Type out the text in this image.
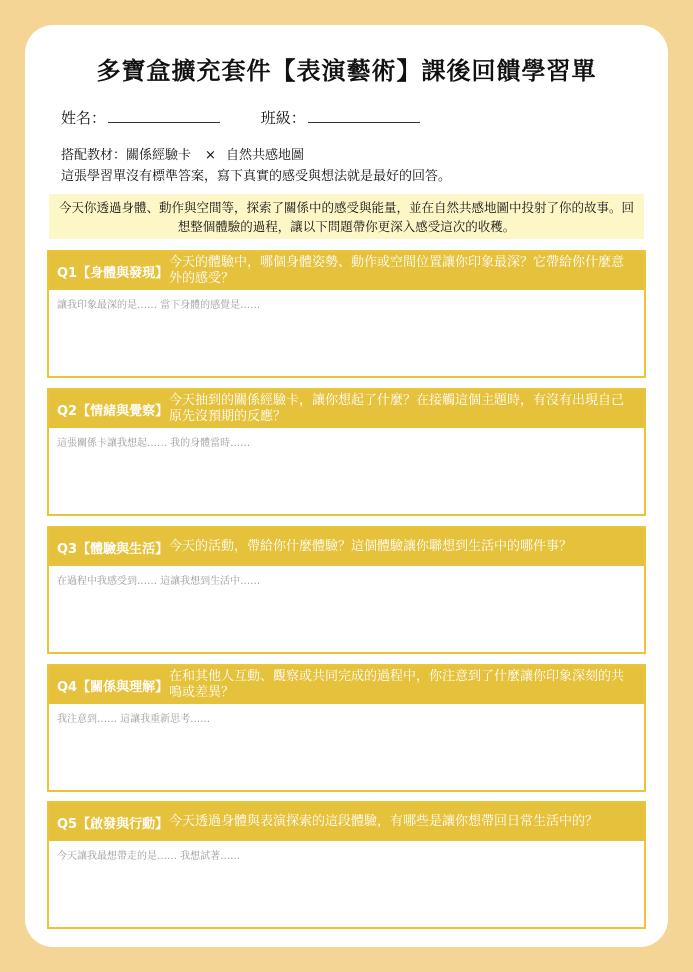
多寶盒擴充套件【表演藝術】課後回饋學習單
姓名：	班級：
搭配教材：關係經驗卡 × 自然共感地圖
這張學習單沒有標準答案，寫下真實的感受與想法就是最好的回答。
今天你透過身體、動作與空間等，探索了關係中的感受與能量，並在自然共感地圖中投射了你的故事。回想整個體驗的過程，讓以下問題帶你更深入感受這次的收穫。
Q1【身體與發現】
今天的體驗中，哪個身體姿勢、動作或空間位置讓你印象最深？它帶給你什麼意外的感受？
讓我印象最深的是…… 當下身體的感覺是……
Q2【情緒與覺察】
今天抽到的關係經驗卡，讓你想起了什麼？在接觸這個主題時，有沒有出現自己原先沒預期的反應？
這張關係卡讓我想起…… 我的身體當時……
Q3【體驗與生活】 今天的活動，帶給你什麼體驗？這個體驗讓你聯想到生活中的哪件事？
在過程中我感受到…… 這讓我想到生活中……
Q4【關係與理解】
在和其他人互動、觀察或共同完成的過程中，你注意到了什麼讓你印象深刻的共鳴或差異？
我注意到…… 這讓我重新思考……
Q5【啟發與行動】 今天透過身體與表演探索的這段體驗，有哪些是讓你想帶回日常生活中的？
今天讓我最想帶走的是…… 我想試著……
